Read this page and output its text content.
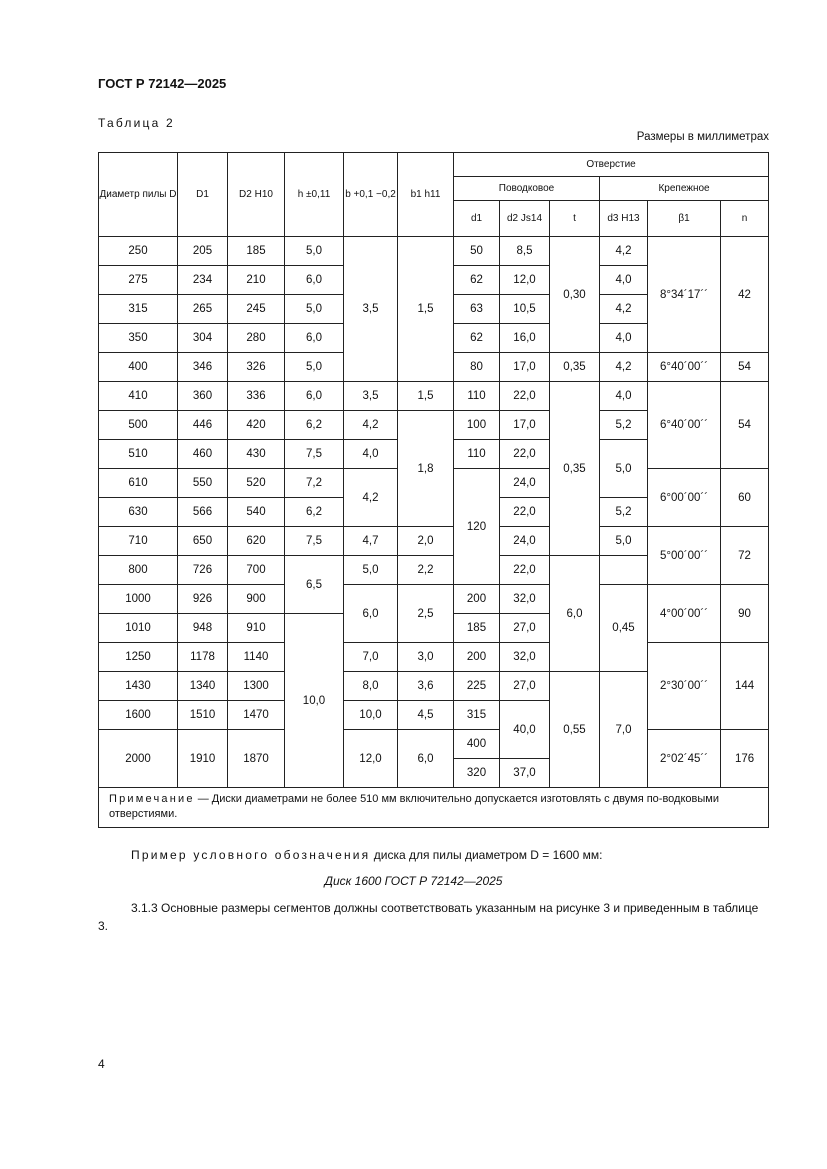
ГОСТ Р 72142—2025
Таблица 2
Размеры в миллиметрах
Диаметр пилы D	D1	D2 H10	h ±0,11	b +0,1 −0,2	b1 h11	Отверстие					
						Поводковое			Крепежное		
						d1	d2 Js14	t	d3 H13	β1	n
250	205	185	5,0	3,5	1,5	50	8,5	0,30	4,2	8°34´17´´	42
275	234	210	6,0			62	12,0		4,0		
315	265	245	5,0			63	10,5		4,2		
350	304	280	6,0			62	16,0		4,0		
400	346	326	5,0			80	17,0	0,35	4,2	6°40´00´´	54
410	360	336	6,0	3,5	1,5	110	22,0	0,35	4,0	6°40´00´´	54
500	446	420	6,2	4,2	1,8	100	17,0		5,2		
510	460	430	7,5	4,0		110	22,0		5,0		
610	550	520	7,2	4,2		120	24,0			6°00´00´´	60
630	566	540	6,2				22,0		5,2		
710	650	620	7,5	4,7	2,0		24,0		5,0	5°00´00´´	72
800	726	700	6,5	5,0	2,2		22,0	6,0			
1000	926	900		6,0	2,5	200	32,0		0,45	4°00´00´´	90
1010	948	910	10,0			185	27,0				
1250	1178	1140		7,0	3,0	200	32,0			2°30´00´´	144
1430	1340	1300		8,0	3,6	225	27,0	0,55	7,0		
1600	1510	1470		10,0	4,5	315	40,0				
2000	1910	1870		12,0	6,0	400				2°02´45´´	176
						320	37,0				
Примечание — Диски диаметрами не более 510 мм включительно допускается изготовлять с двумя по-водковыми отверстиями.											
Пример условного обозначения диска для пилы диаметром D = 1600 мм:
Диск 1600 ГОСТ Р 72142—2025
3.1.3 Основные размеры сегментов должны соответствовать указанным на рисунке 3 и приведенным в таблице 3.
4
